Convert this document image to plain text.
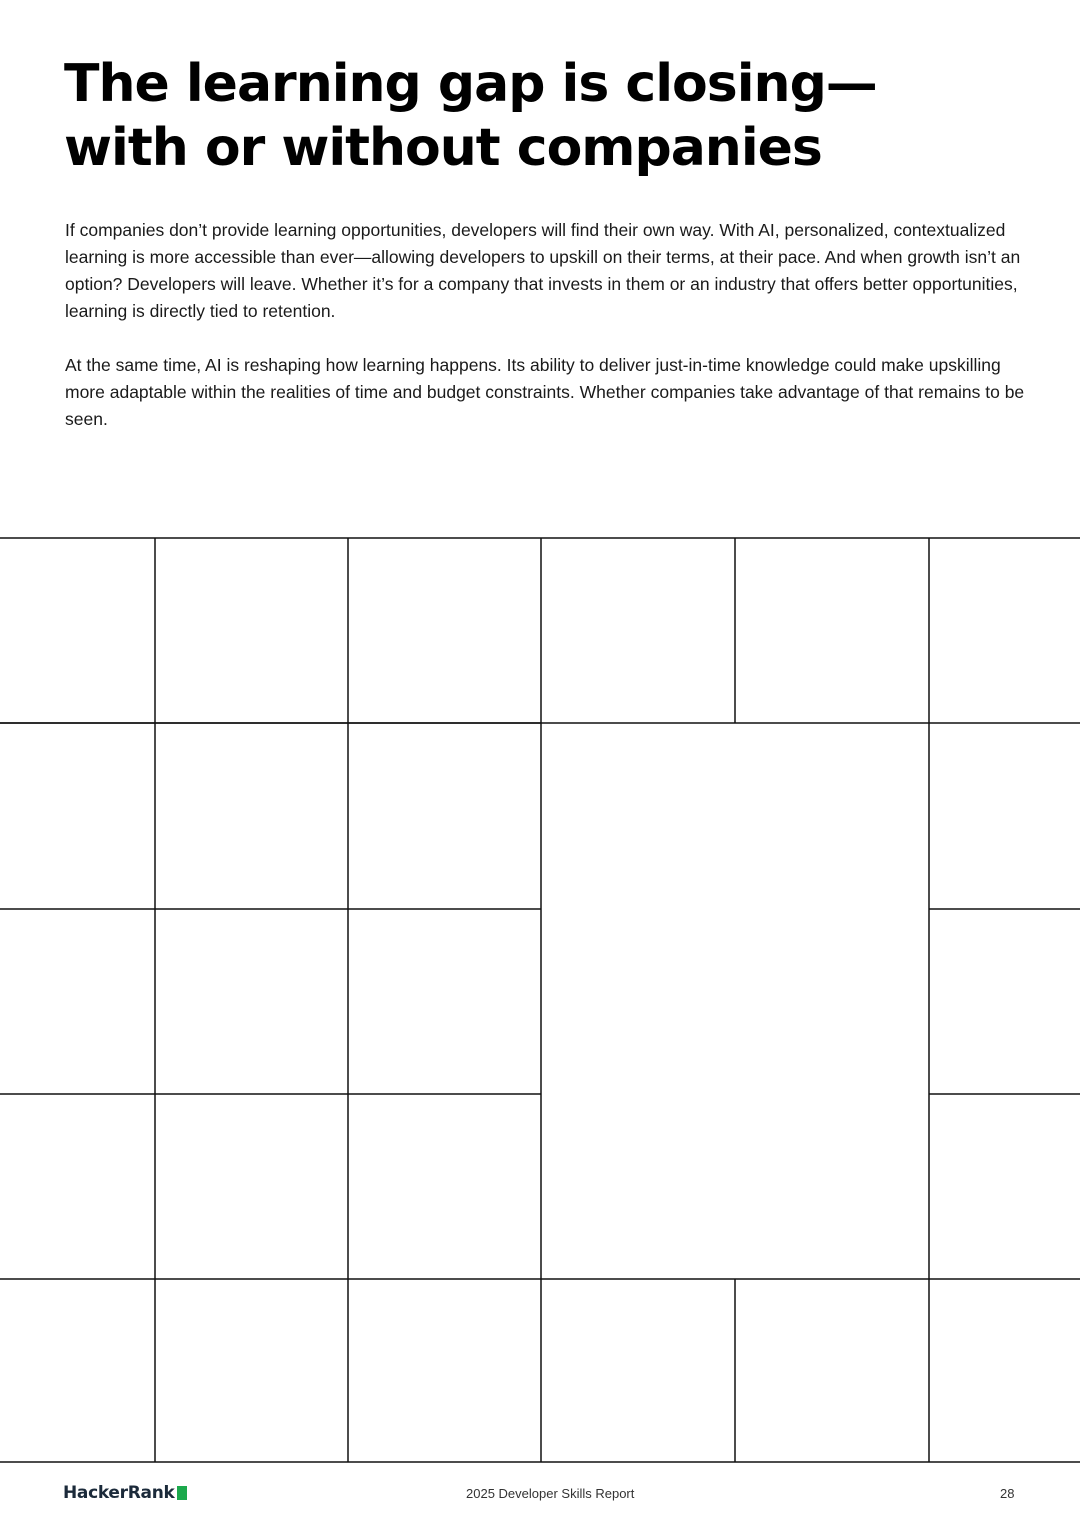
The learning gap is closing—
with or without companies

If companies don’t provide learning opportunities, developers will find their own way. With AI, personalized, contextualized learning is more accessible than ever—allowing developers to upskill on their terms, at their pace. And when growth isn’t an option? Developers will leave. Whether it’s for a company that invests in them or an industry that offers better opportunities, learning is directly tied to retention.

At the same time, AI is reshaping how learning happens. Its ability to deliver just-in-time knowledge could make upskilling more adaptable within the realities of time and budget constraints. Whether companies take advantage of that remains to be seen.

HackerRank	2025 Developer Skills Report	28
